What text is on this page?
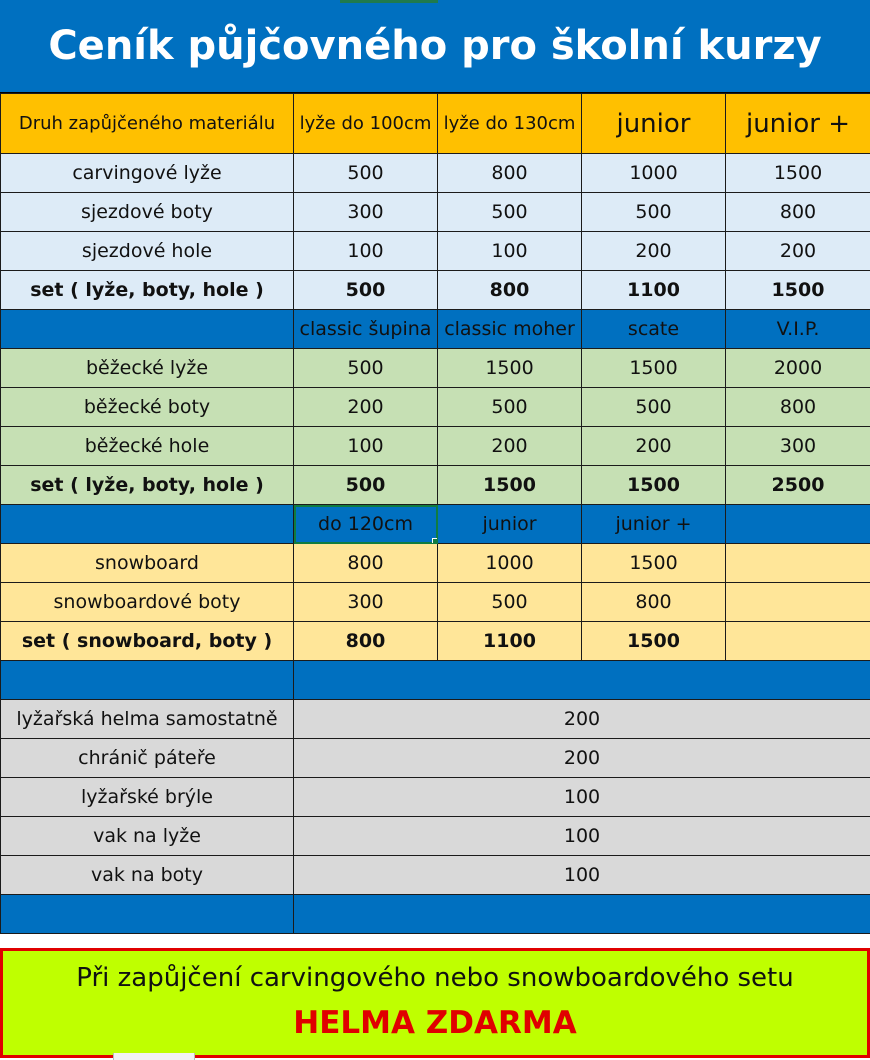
Ceník půjčovného pro školní kurzy
Druh zapůjčeného materiálu	lyže do 100cm	lyže do 130cm	junior	junior +
carvingové lyže	500	800	1000	1500
sjezdové boty	300	500	500	800
sjezdové hole	100	100	200	200
set ( lyže, boty, hole )	500	800	1100	1500
	classic šupina	classic moher	scate	V.I.P.
běžecké lyže	500	1500	1500	2000
běžecké boty	200	500	500	800
běžecké hole	100	200	200	300
set ( lyže, boty, hole )	500	1500	1500	2500
	do 120cm	junior	junior +	
snowboard	800	1000	1500	
snowboardové boty	300	500	800	
set ( snowboard, boty )	800	1100	1500	

lyžařská helma samostatně	200			
chránič páteře	200			
lyžařské brýle	100			
vak na lyže	100			
vak na boty	100			

Při zapůjčení carvingového nebo snowboardového setu
HELMA ZDARMA
